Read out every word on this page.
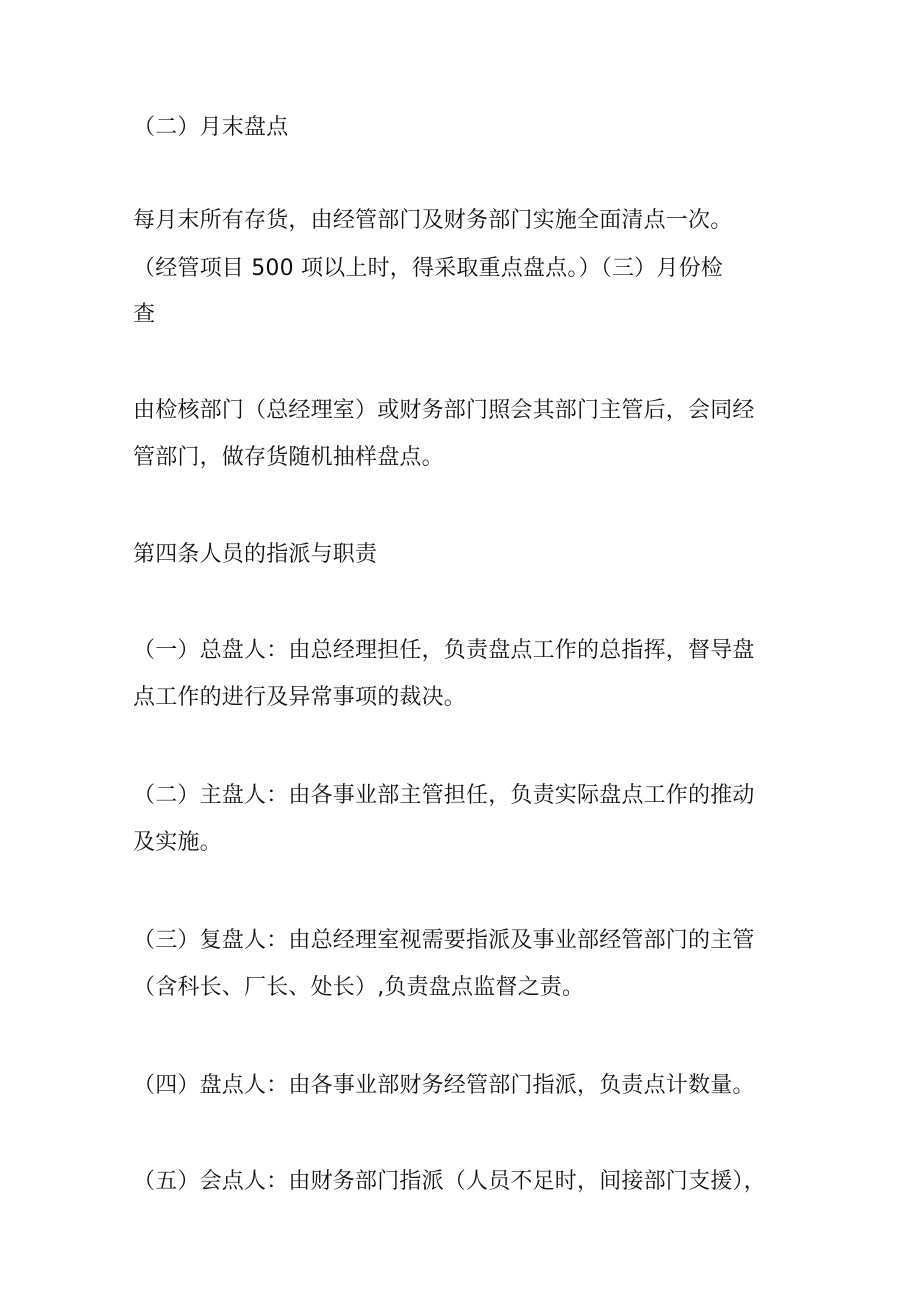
（二）月末盘点
每月末所有存货，由经管部门及财务部门实施全面清点一次。
（经管项目 500 项以上时，得采取重点盘点。）（三）月份检
查
由检核部门（总经理室）或财务部门照会其部门主管后，会同经
管部门，做存货随机抽样盘点。
第四条人员的指派与职责
（一）总盘人：由总经理担任，负责盘点工作的总指挥，督导盘
点工作的进行及异常事项的裁决。
（二）主盘人：由各事业部主管担任，负责实际盘点工作的推动
及实施。
（三）复盘人：由总经理室视需要指派及事业部经管部门的主管
（含科长、厂长、处长）,负责盘点监督之责。
（四）盘点人：由各事业部财务经管部门指派，负责点计数量。
（五）会点人：由财务部门指派（人员不足时，间接部门支援），
